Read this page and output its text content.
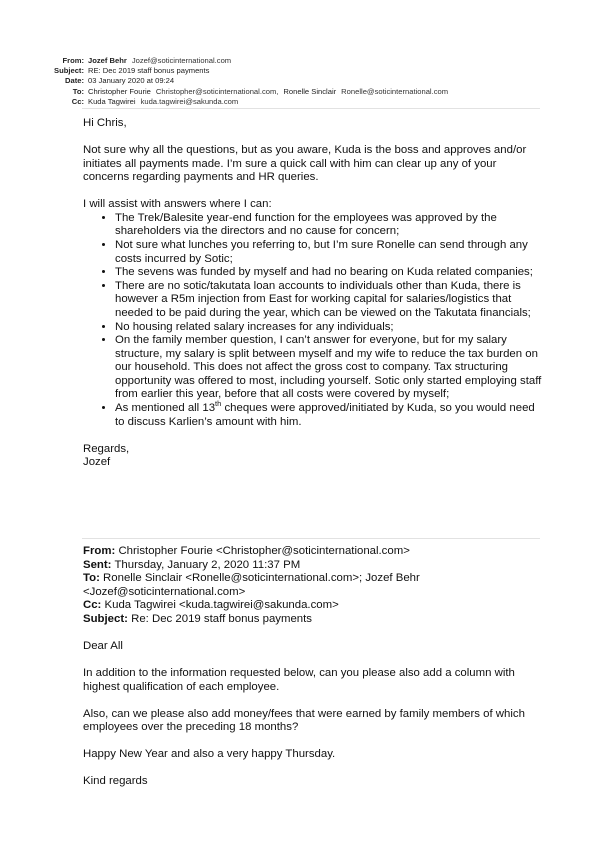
From: Jozef Behr Jozef@soticinternational.com
Subject: RE: Dec 2019 staff bonus payments
Date: 03 January 2020 at 09:24
To: Christopher Fourie Christopher@soticinternational.com, Ronelle Sinclair Ronelle@soticinternational.com
Cc: Kuda Tagwirei kuda.tagwirei@sakunda.com

Hi Chris,

Not sure why all the questions, but as you aware, Kuda is the boss and approves and/or initiates all payments made. I’m sure a quick call with him can clear up any of your concerns regarding payments and HR queries.

I will assist with answers where I can:

• The Trek/Balesite year-end function for the employees was approved by the shareholders via the directors and no cause for concern;
• Not sure what lunches you referring to, but I’m sure Ronelle can send through any costs incurred by Sotic;
• The sevens was funded by myself and had no bearing on Kuda related companies;
• There are no sotic/takutata loan accounts to individuals other than Kuda, there is however a R5m injection from East for working capital for salaries/logistics that needed to be paid during the year, which can be viewed on the Takutata financials;
• No housing related salary increases for any individuals;
• On the family member question, I can’t answer for everyone, but for my salary structure, my salary is split between myself and my wife to reduce the tax burden on our household. This does not affect the gross cost to company. Tax structuring opportunity was offered to most, including yourself. Sotic only started employing staff from earlier this year, before that all costs were covered by myself;
• As mentioned all 13th cheques were approved/initiated by Kuda, so you would need to discuss Karlien’s amount with him.
Regards,
Jozef
From: Christopher Fourie <Christopher@soticinternational.com>
Sent: Thursday, January 2, 2020 11:37 PM
To: Ronelle Sinclair <Ronelle@soticinternational.com>; Jozef Behr <Jozef@soticinternational.com>
Cc: Kuda Tagwirei <kuda.tagwirei@sakunda.com>
Subject: Re: Dec 2019 staff bonus payments

Dear All

In addition to the information requested below, can you please also add a column with highest qualification of each employee.

Also, can we please also add money/fees that were earned by family members of which employees over the preceding 18 months?

Happy New Year and also a very happy Thursday.

Kind regards
